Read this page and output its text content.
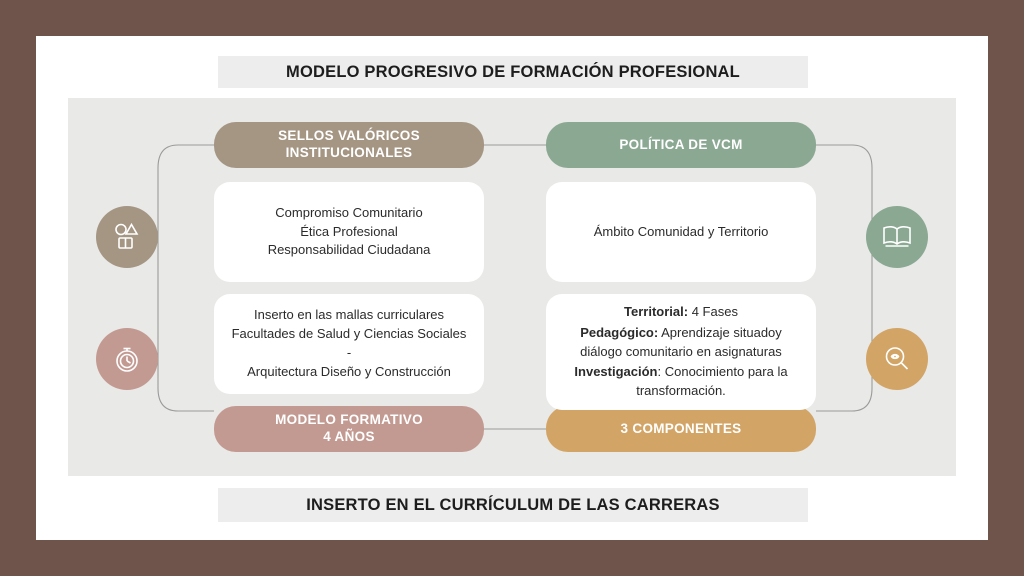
MODELO PROGRESIVO DE FORMACIÓN PROFESIONAL
SELLOS VALÓRICOS
INSTITUCIONALES
POLÍTICA DE VCM
MODELO FORMATIVO
4 AÑOS
3 COMPONENTES
Compromiso Comunitario
Ética Profesional
Responsabilidad Ciudadana
Ámbito Comunidad y Territorio
Inserto en las mallas curriculares
Facultades de Salud y Ciencias Sociales -
Arquitectura Diseño y Construcción
Territorial: 4 Fases
Pedagógico: Aprendizaje situadoy diálogo comunitario en asignaturas
Investigación: Conocimiento para la transformación.
INSERTO EN EL CURRÍCULUM DE LAS CARRERAS
